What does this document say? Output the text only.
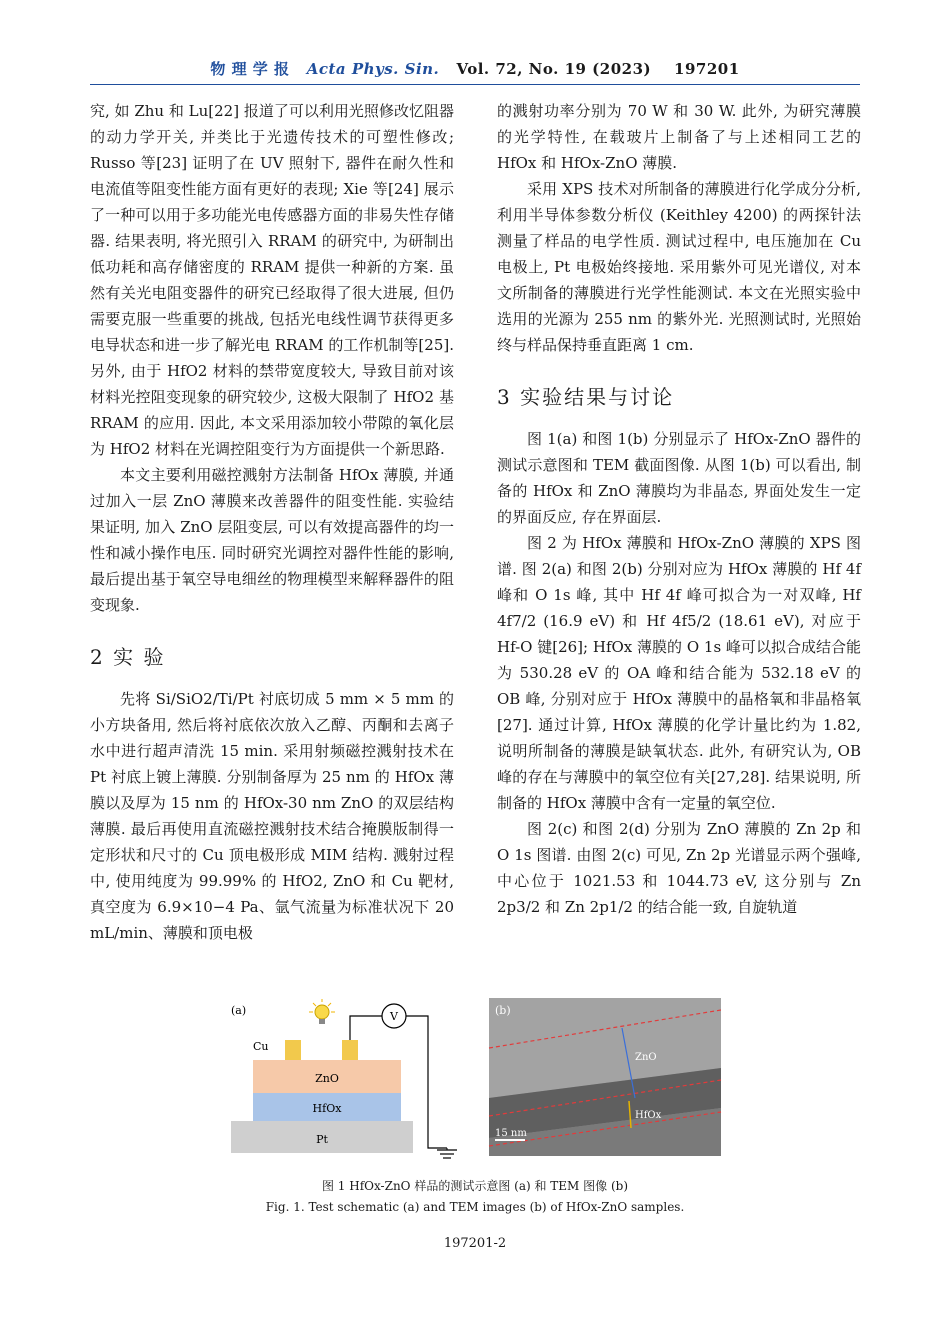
物 理 学 报 Acta Phys. Sin. Vol. 72, No. 19 (2023) 197201

究, 如 Zhu 和 Lu[22] 报道了可以利用光照修改忆阻器的动力学开关, 并类比于光遗传技术的可塑性修改; Russo 等[23] 证明了在 UV 照射下, 器件在耐久性和电流值等阻变性能方面有更好的表现; Xie 等[24] 展示了一种可以用于多功能光电传感器方面的非易失性存储器. 结果表明, 将光照引入 RRAM 的研究中, 为研制出低功耗和高存储密度的 RRAM 提供一种新的方案. 虽然有关光电阻变器件的研究已经取得了很大进展, 但仍需要克服一些重要的挑战, 包括光电线性调节获得更多电导状态和进一步了解光电 RRAM 的工作机制等[25]. 另外, 由于 HfO2 材料的禁带宽度较大, 导致目前对该材料光控阻变现象的研究较少, 这极大限制了 HfO2 基 RRAM 的应用. 因此, 本文采用添加较小带隙的氧化层为 HfO2 材料在光调控阻变行为方面提供一个新思路.

本文主要利用磁控溅射方法制备 HfOx 薄膜, 并通过加入一层 ZnO 薄膜来改善器件的阻变性能. 实验结果证明, 加入 ZnO 层阻变层, 可以有效提高器件的均一性和减小操作电压. 同时研究光调控对器件性能的影响, 最后提出基于氧空导电细丝的物理模型来解释器件的阻变现象.

2 实 验

先将 Si/SiO2/Ti/Pt 衬底切成 5 mm × 5 mm 的小方块备用, 然后将衬底依次放入乙醇、丙酮和去离子水中进行超声清洗 15 min. 采用射频磁控溅射技术在 Pt 衬底上镀上薄膜. 分别制备厚为 25 nm 的 HfOx 薄膜以及厚为 15 nm 的 HfOx-30 nm ZnO 的双层结构薄膜. 最后再使用直流磁控溅射技术结合掩膜版制得一定形状和尺寸的 Cu 顶电极形成 MIM 结构. 溅射过程中, 使用纯度为 99.99% 的 HfO2, ZnO 和 Cu 靶材, 真空度为 6.9×10−4 Pa、氩气流量为标准状况下 20 mL/min、薄膜和顶电极

的溅射功率分别为 70 W 和 30 W. 此外, 为研究薄膜的光学特性, 在载玻片上制备了与上述相同工艺的 HfOx 和 HfOx-ZnO 薄膜.

采用 XPS 技术对所制备的薄膜进行化学成分分析, 利用半导体参数分析仪 (Keithley 4200) 的两探针法测量了样品的电学性质. 测试过程中, 电压施加在 Cu 电极上, Pt 电极始终接地. 采用紫外可见光谱仪, 对本文所制备的薄膜进行光学性能测试. 本文在光照实验中选用的光源为 255 nm 的紫外光. 光照测试时, 光照始终与样品保持垂直距离 1 cm.

3 实验结果与讨论

图 1(a) 和图 1(b) 分别显示了 HfOx-ZnO 器件的测试示意图和 TEM 截面图像. 从图 1(b) 可以看出, 制备的 HfOx 和 ZnO 薄膜均为非晶态, 界面处发生一定的界面反应, 存在界面层.

图 2 为 HfOx 薄膜和 HfOx-ZnO 薄膜的 XPS 图谱. 图 2(a) 和图 2(b) 分别对应为 HfOx 薄膜的 Hf 4f 峰和 O 1s 峰, 其中 Hf 4f 峰可拟合为一对双峰, Hf 4f7/2 (16.9 eV) 和 Hf 4f5/2 (18.61 eV), 对应于 Hf-O 键[26]; HfOx 薄膜的 O 1s 峰可以拟合成结合能为 530.28 eV 的 OA 峰和结合能为 532.18 eV 的 OB 峰, 分别对应于 HfOx 薄膜中的晶格氧和非晶格氧[27]. 通过计算, HfOx 薄膜的化学计量比约为 1.82, 说明所制备的薄膜是缺氧状态. 此外, 有研究认为, OB 峰的存在与薄膜中的氧空位有关[27,28]. 结果说明, 所制备的 HfOx 薄膜中含有一定量的氧空位.

图 2(c) 和图 2(d) 分别为 ZnO 薄膜的 Zn 2p 和 O 1s 图谱. 由图 2(c) 可见, Zn 2p 光谱显示两个强峰, 中心位于 1021.53 和 1044.73 eV, 这分别与 Zn 2p3/2 和 Zn 2p1/2 的结合能一致, 自旋轨道

(a)
Pt
HfOx
ZnO
Cu
V	(b)
ZnO
HfOx
15 nm
图 1 HfOx-ZnO 样品的测试示意图 (a) 和 TEM 图像 (b)
Fig. 1. Test schematic (a) and TEM images (b) of HfOx-ZnO samples.
197201-2
